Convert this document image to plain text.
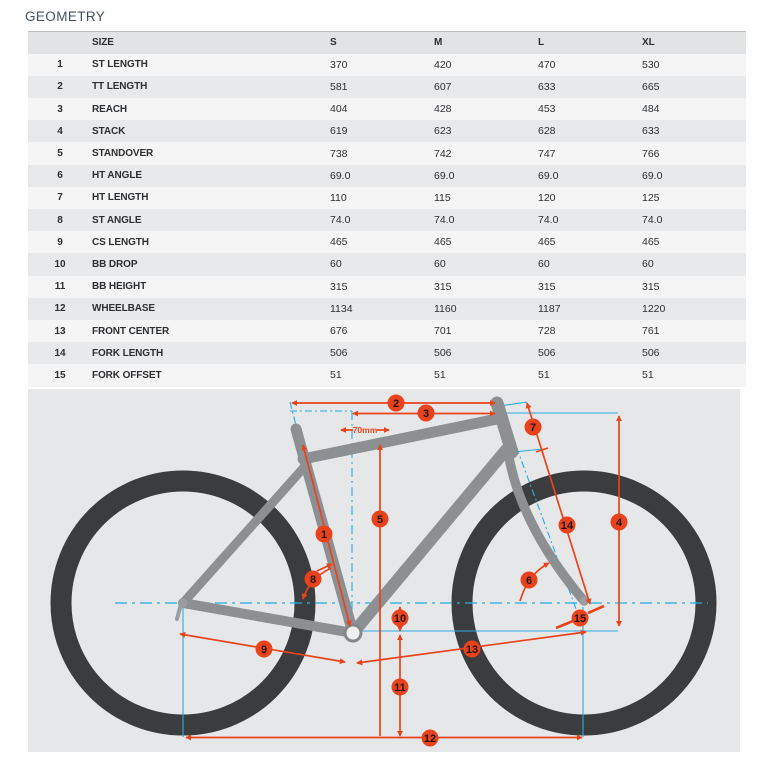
GEOMETRY
	SIZE	S	M	L	XL
1	ST LENGTH	370	420	470	530
2	TT LENGTH	581	607	633	665
3	REACH	404	428	453	484
4	STACK	619	623	628	633
5	STANDOVER	738	742	747	766
6	HT ANGLE	69.0	69.0	69.0	69.0
7	HT LENGTH	110	115	120	125
8	ST ANGLE	74.0	74.0	74.0	74.0
9	CS LENGTH	465	465	465	465
10	BB DROP	60	60	60	60
11	BB HEIGHT	315	315	315	315
12	WHEELBASE	1134	1160	1187	1220
13	FRONT CENTER	676	701	728	761
14	FORK LENGTH	506	506	506	506
15	FORK OFFSET	51	51	51	51
70mm
1
2
3
4
5
6
7
8
9
10
11
12
13
14
15
